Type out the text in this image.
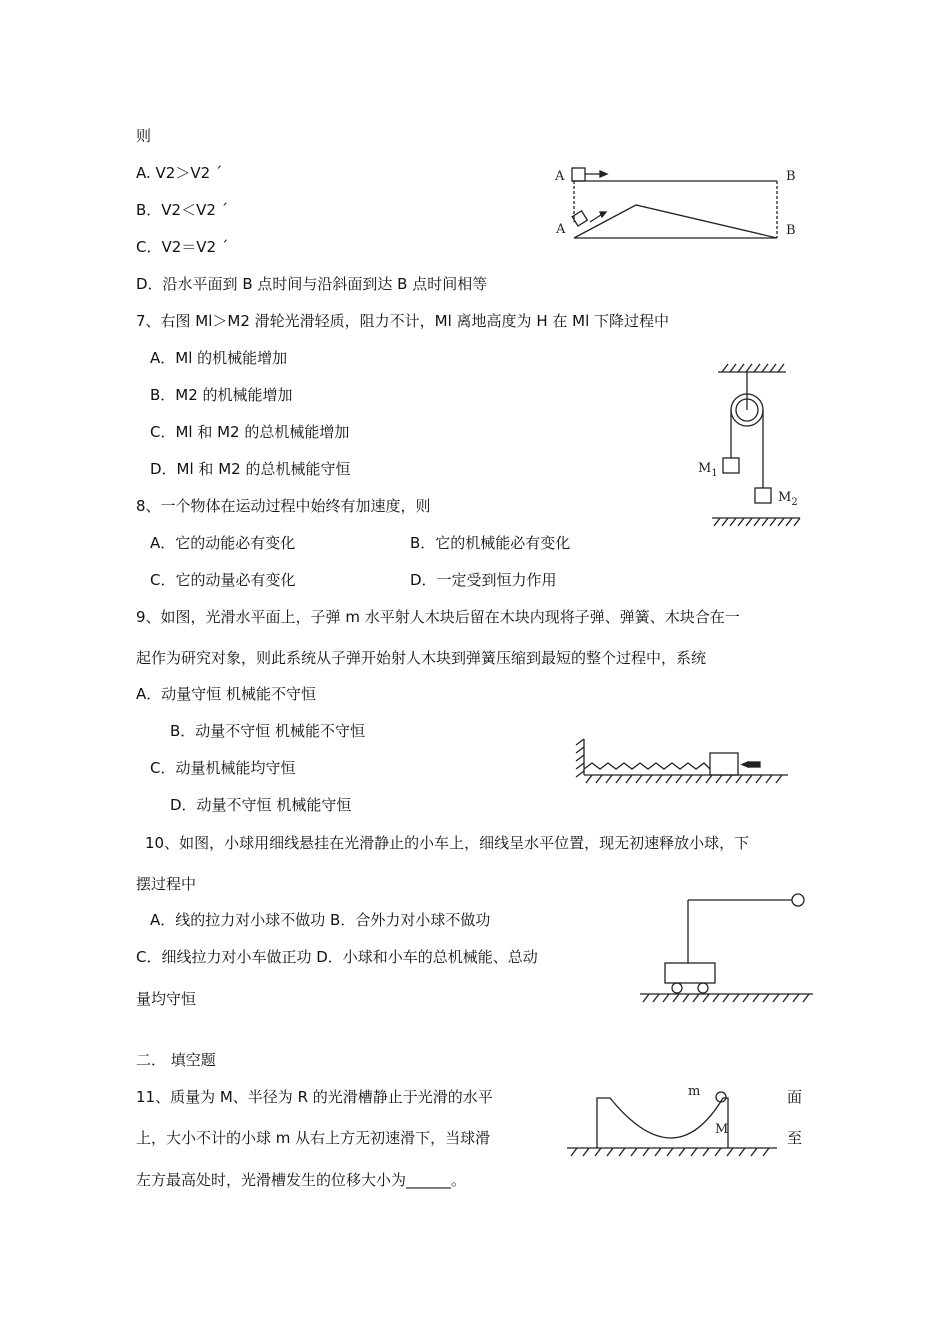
则
A. V2＞V2 ´
B．V2＜V2 ´
C．V2＝V2 ´
D．沿水平面到 B 点时间与沿斜面到达 B 点时间相等
A	B
A	B
7、右图 Ml＞M2 滑轮光滑轻质，阻力不计，Ml 离地高度为 H 在 Ml 下降过程中
A．Ml 的机械能增加
B．M2 的机械能增加
C．Ml 和 M2 的总机械能增加
D．Ml 和 M2 的总机械能守恒	$M_1$
$M_2$
8、一个物体在运动过程中始终有加速度，则
A．它的动能必有变化	B．它的机械能必有变化
C．它的动量必有变化	D．一定受到恒力作用
9、如图，光滑水平面上，子弹 m 水平射人木块后留在木块内现将子弹、弹簧、木块合在一
起作为研究对象，则此系统从子弹开始射人木块到弹簧压缩到最短的整个过程中，系统
A．动量守恒 机械能不守恒
B．动量不守恒 机械能不守恒
C．动量机械能均守恒
D．动量不守恒 机械能守恒
10、如图，小球用细线悬挂在光滑静止的小车上，细线呈水平位置，现无初速释放小球，下
摆过程中
A．线的拉力对小球不做功 B．合外力对小球不做功
C．细线拉力对小车做正功 D．小球和小车的总机械能、总动
量均守恒
二． 填空题
11、质量为 M、半径为 R 的光滑槽静止于光滑的水平	面
上，大小不计的小球 m 从右上方无初速滑下，当球滑	至
左方最高处时，光滑槽发生的位移大小为______。
m
M
